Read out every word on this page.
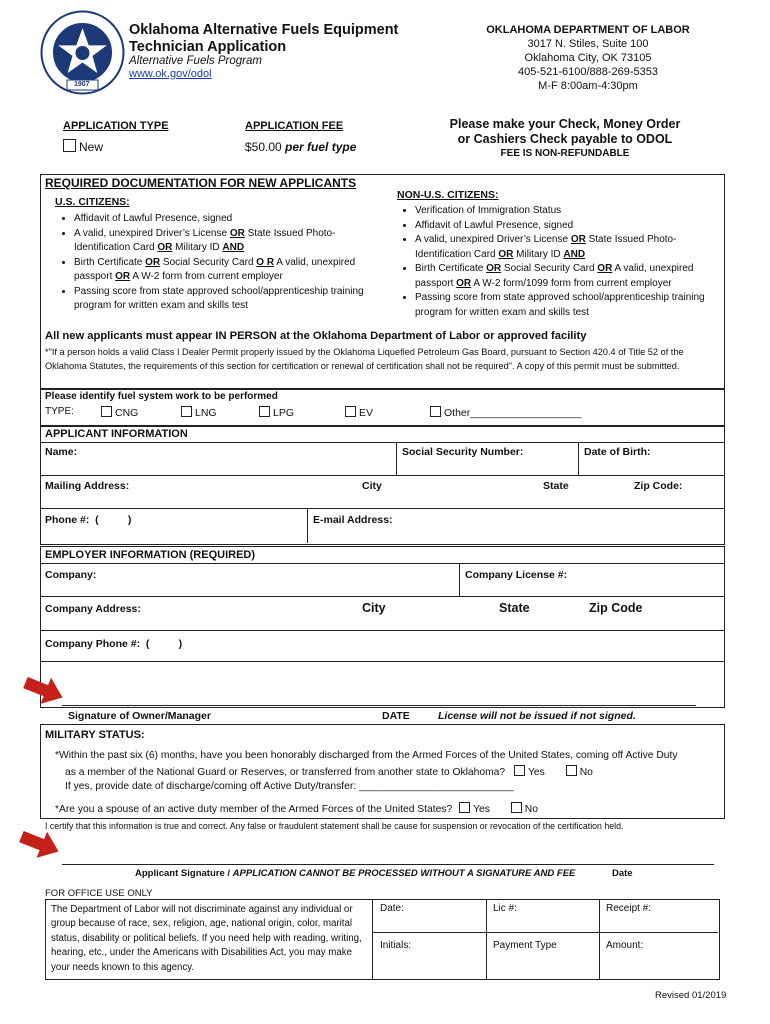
1907
Oklahoma Alternative Fuels Equipment
Technician Application
Alternative Fuels Program
www.ok.gov/odol
OKLAHOMA DEPARTMENT OF LABOR
3017 N. Stiles, Suite 100
Oklahoma City, OK 73105
405-521-6100/888-269-5353
M-F 8:00am-4:30pm
APPLICATION TYPE
New
APPLICATION FEE
$50.00 per fuel type
Please make your Check, Money Order
or Cashiers Check payable to ODOL
FEE IS NON-REFUNDABLE
REQUIRED DOCUMENTATION FOR NEW APPLICANTS
U.S. CITIZENS:
• Affidavit of Lawful Presence, signed
• A valid, unexpired Driver’s License OR State Issued Photo-Identification Card OR Military ID AND
• Birth Certificate OR Social Security Card O R A valid, unexpired passport OR A W-2 form from current employer
• Passing score from state approved school/apprenticeship training program for written exam and skills test
NON-U.S. CITIZENS:
• Verification of Immigration Status
• Affidavit of Lawful Presence, signed
• A valid, unexpired Driver’s License OR State Issued Photo-Identification Card OR Military ID AND
• Birth Certificate OR Social Security Card OR A valid, unexpired passport OR A W-2 form/1099 form from current employer
• Passing score from state approved school/apprenticeship training program for written exam and skills test
All new applicants must appear IN PERSON at the Oklahoma Department of Labor or approved facility
*"If a person holds a valid Class I Dealer Permit properly issued by the Oklahoma Liquefied Petroleum Gas Board, pursuant to Section 420.4 of Title 52 of the Oklahoma Statutes, the requirements of this section for certification or renewal of certification shall not be required". A copy of this permit must be submitted.
Please identify fuel system work to be performed
TYPE:	CNG	LNG	LPG	EV	Other___________________
APPLICANT INFORMATION
Name:	Social Security Number:	Date of Birth:
Mailing Address:	City	State	Zip Code:
Phone #:  (          )	E-mail Address:
EMPLOYER INFORMATION (REQUIRED)
Company:	Company License #:
Company Address:	City	State	Zip Code
Company Phone #:  (          )
Signature of Owner/Manager	DATE	License will not be issued if not signed.
MILITARY STATUS:
*Within the past six (6) months, have you been honorably discharged from the Armed Forces of the United States, coming off Active Duty
as a member of the National Guard or Reserves, or transferred from another state to Oklahoma? Yes	No
If yes, provide date of discharge/coming off Active Duty/transfer: ___________________________
*Are you a spouse of an active duty member of the Armed Forces of the United States? Yes	No
I certify that this information is true and correct. Any false or fraudulent statement shall be cause for suspension or revocation of the certification held.
Applicant Signature / APPLICATION CANNOT BE PROCESSED WITHOUT A SIGNATURE AND FEE	Date
FOR OFFICE USE ONLY
The Department of Labor will not discriminate against any individual or group because of race, sex, religion, age, national origin, color, marital status, disability or political beliefs. If you need help with reading, writing, hearing, etc., under the Americans with Disabilities Act, you may make your needs known to this agency.
Date:	Lic #:	Receipt #:
Initials:	Payment Type	Amount:
Revised 01/2019
